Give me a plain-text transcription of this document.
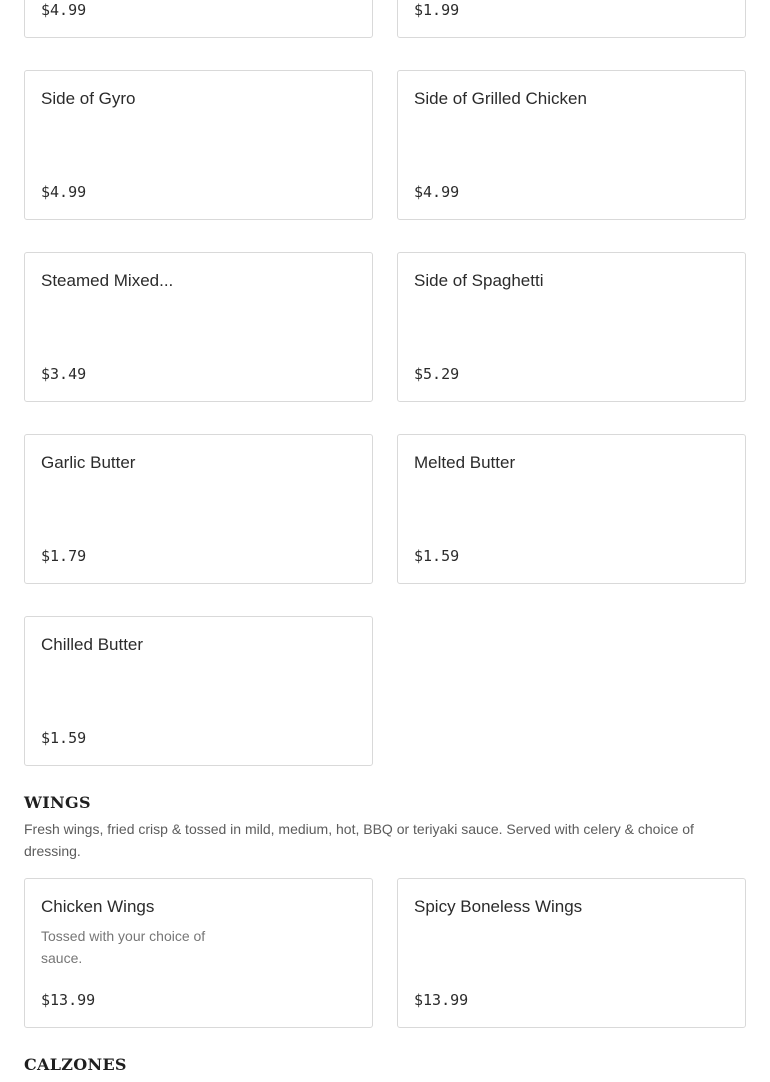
$4.99	$1.99
Side of Gyro
$4.99
Side of Grilled Chicken
$4.99
Steamed Mixed...
$3.49
Side of Spaghetti
$5.29
Garlic Butter
$1.79
Melted Butter
$1.59
Chilled Butter
$1.59
WINGS
Fresh wings, fried crisp & tossed in mild, medium, hot, BBQ or teriyaki sauce. Served with celery & choice of dressing.
Chicken Wings
Tossed with your choice of sauce.
$13.99
Spicy Boneless Wings
$13.99
CALZONES
